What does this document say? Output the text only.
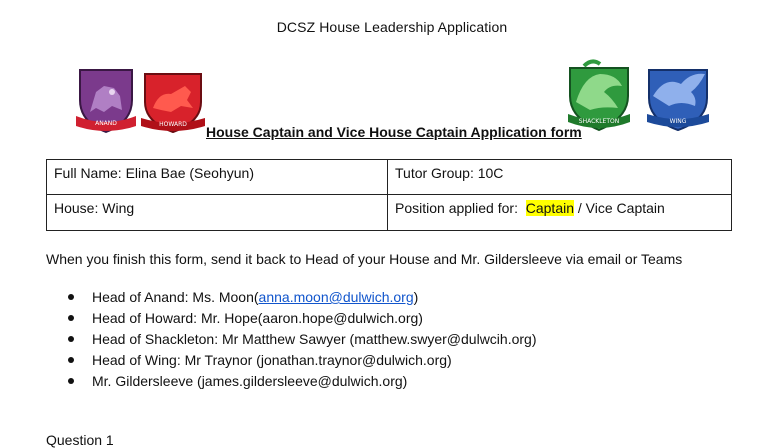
DCSZ House Leadership Application
ANAND	HOWARD	SHACKLETON	WING
House Captain and Vice House Captain Application form
Full Name: Elina Bae (Seohyun)	Tutor Group: 10C
House: Wing	Position applied for:  Captain / Vice Captain
When you finish this form, send it back to Head of your House and Mr. Gildersleeve via email or Teams
Head of Anand: Ms. Moon(anna.moon@dulwich.org)
Head of Howard: Mr. Hope(aaron.hope@dulwich.org)
Head of Shackleton: Mr Matthew Sawyer (matthew.swyer@dulwcih.org)
Head of Wing: Mr Traynor (jonathan.traynor@dulwich.org)
Mr. Gildersleeve (james.gildersleeve@dulwich.org)
Question 1
